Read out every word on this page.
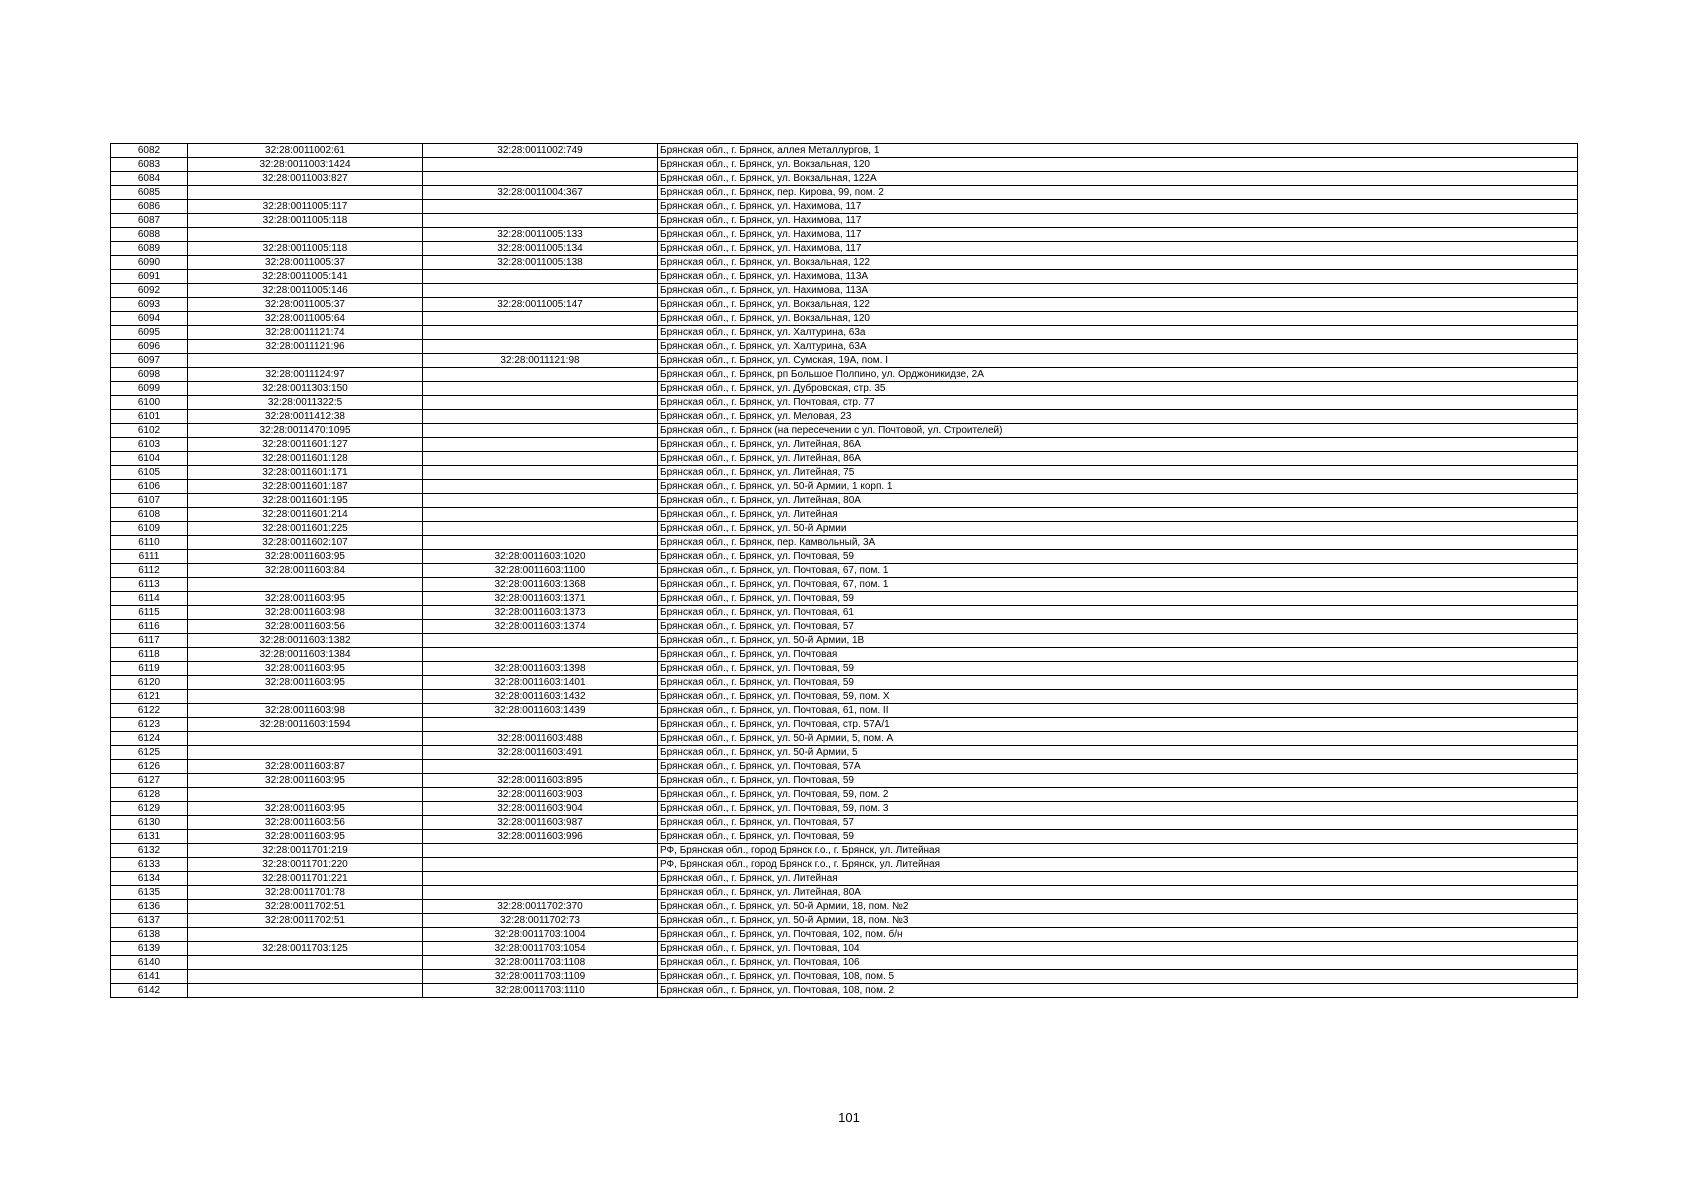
6082	32:28:0011002:61	32:28:0011002:749	Брянская обл., г. Брянск, аллея Металлургов, 1
6083	32:28:0011003:1424		Брянская обл., г. Брянск, ул. Вокзальная, 120
6084	32:28:0011003:827		Брянская обл., г. Брянск, ул. Вокзальная, 122А
6085		32:28:0011004:367	Брянская обл., г. Брянск, пер. Кирова, 99, пом. 2
6086	32:28:0011005:117		Брянская обл., г. Брянск, ул. Нахимова, 117
6087	32:28:0011005:118		Брянская обл., г. Брянск, ул. Нахимова, 117
6088		32:28:0011005:133	Брянская обл., г. Брянск, ул. Нахимова, 117
6089	32:28:0011005:118	32:28:0011005:134	Брянская обл., г. Брянск, ул. Нахимова, 117
6090	32:28:0011005:37	32:28:0011005:138	Брянская обл., г. Брянск, ул. Вокзальная, 122
6091	32:28:0011005:141		Брянская обл., г. Брянск, ул. Нахимова, 113А
6092	32:28:0011005:146		Брянская обл., г. Брянск, ул. Нахимова, 113А
6093	32:28:0011005:37	32:28:0011005:147	Брянская обл., г. Брянск, ул. Вокзальная, 122
6094	32:28:0011005:64		Брянская обл., г. Брянск, ул. Вокзальная, 120
6095	32:28:0011121:74		Брянская обл., г. Брянск, ул. Халтурина, 63а
6096	32:28:0011121:96		Брянская обл., г. Брянск, ул. Халтурина, 63А
6097		32:28:0011121:98	Брянская обл., г. Брянск, ул. Сумская, 19А, пом. I
6098	32:28:0011124:97		Брянская обл., г. Брянск, рп Большое Полпино, ул. Орджоникидзе, 2А
6099	32:28:0011303:150		Брянская обл., г. Брянск, ул. Дубровская, стр. 35
6100	32:28:0011322:5		Брянская обл., г. Брянск, ул. Почтовая, стр. 77
6101	32:28:0011412:38		Брянская обл., г. Брянск, ул. Меловая, 23
6102	32:28:0011470:1095		Брянская обл., г. Брянск (на пересечении с ул. Почтовой, ул. Строителей)
6103	32:28:0011601:127		Брянская обл., г. Брянск, ул. Литейная, 86А
6104	32:28:0011601:128		Брянская обл., г. Брянск, ул. Литейная, 86А
6105	32:28:0011601:171		Брянская обл., г. Брянск, ул. Литейная, 75
6106	32:28:0011601:187		Брянская обл., г. Брянск, ул. 50-й Армии, 1 корп. 1
6107	32:28:0011601:195		Брянская обл., г. Брянск, ул. Литейная, 80А
6108	32:28:0011601:214		Брянская обл., г. Брянск, ул. Литейная
6109	32:28:0011601:225		Брянская обл., г. Брянск, ул. 50-й Армии
6110	32:28:0011602:107		Брянская обл., г. Брянск, пер. Камвольный, 3А
6111	32:28:0011603:95	32:28:0011603:1020	Брянская обл., г. Брянск, ул. Почтовая, 59
6112	32:28:0011603:84	32:28:0011603:1100	Брянская обл., г. Брянск, ул. Почтовая, 67, пом. 1
6113		32:28:0011603:1368	Брянская обл., г. Брянск, ул. Почтовая, 67, пом. 1
6114	32:28:0011603:95	32:28:0011603:1371	Брянская обл., г. Брянск, ул. Почтовая, 59
6115	32:28:0011603:98	32:28:0011603:1373	Брянская обл., г. Брянск, ул. Почтовая, 61
6116	32:28:0011603:56	32:28:0011603:1374	Брянская обл., г. Брянск, ул. Почтовая, 57
6117	32:28:0011603:1382		Брянская обл., г. Брянск, ул. 50-й Армии, 1В
6118	32:28:0011603:1384		Брянская обл., г. Брянск, ул. Почтовая
6119	32:28:0011603:95	32:28:0011603:1398	Брянская обл., г. Брянск, ул. Почтовая, 59
6120	32:28:0011603:95	32:28:0011603:1401	Брянская обл., г. Брянск, ул. Почтовая, 59
6121		32:28:0011603:1432	Брянская обл., г. Брянск, ул. Почтовая, 59, пом. X
6122	32:28:0011603:98	32:28:0011603:1439	Брянская обл., г. Брянск, ул. Почтовая, 61, пом. II
6123	32:28:0011603:1594		Брянская обл., г. Брянск, ул. Почтовая, стр. 57А/1
6124		32:28:0011603:488	Брянская обл., г. Брянск, ул. 50-й Армии, 5, пом. А
6125		32:28:0011603:491	Брянская обл., г. Брянск, ул. 50-й Армии, 5
6126	32:28:0011603:87		Брянская обл., г. Брянск, ул. Почтовая, 57А
6127	32:28:0011603:95	32:28:0011603:895	Брянская обл., г. Брянск, ул. Почтовая, 59
6128		32:28:0011603:903	Брянская обл., г. Брянск, ул. Почтовая, 59, пом. 2
6129	32:28:0011603:95	32:28:0011603:904	Брянская обл., г. Брянск, ул. Почтовая, 59, пом. 3
6130	32:28:0011603:56	32:28:0011603:987	Брянская обл., г. Брянск, ул. Почтовая, 57
6131	32:28:0011603:95	32:28:0011603:996	Брянская обл., г. Брянск, ул. Почтовая, 59
6132	32:28:0011701:219		РФ, Брянская обл., город Брянск г.о., г. Брянск, ул. Литейная
6133	32:28:0011701:220		РФ, Брянская обл., город Брянск г.о., г. Брянск, ул. Литейная
6134	32:28:0011701:221		Брянская обл., г. Брянск, ул. Литейная
6135	32:28:0011701:78		Брянская обл., г. Брянск, ул. Литейная, 80А
6136	32:28:0011702:51	32:28:0011702:370	Брянская обл., г. Брянск, ул. 50-й Армии, 18, пом. №2
6137	32:28:0011702:51	32:28:0011702:73	Брянская обл., г. Брянск, ул. 50-й Армии, 18, пом. №3
6138		32:28:0011703:1004	Брянская обл., г. Брянск, ул. Почтовая, 102, пом. б/н
6139	32:28:0011703:125	32:28:0011703:1054	Брянская обл., г. Брянск, ул. Почтовая, 104
6140		32:28:0011703:1108	Брянская обл., г. Брянск, ул. Почтовая, 106
6141		32:28:0011703:1109	Брянская обл., г. Брянск, ул. Почтовая, 108, пом. 5
6142		32:28:0011703:1110	Брянская обл., г. Брянск, ул. Почтовая, 108, пом. 2
101
